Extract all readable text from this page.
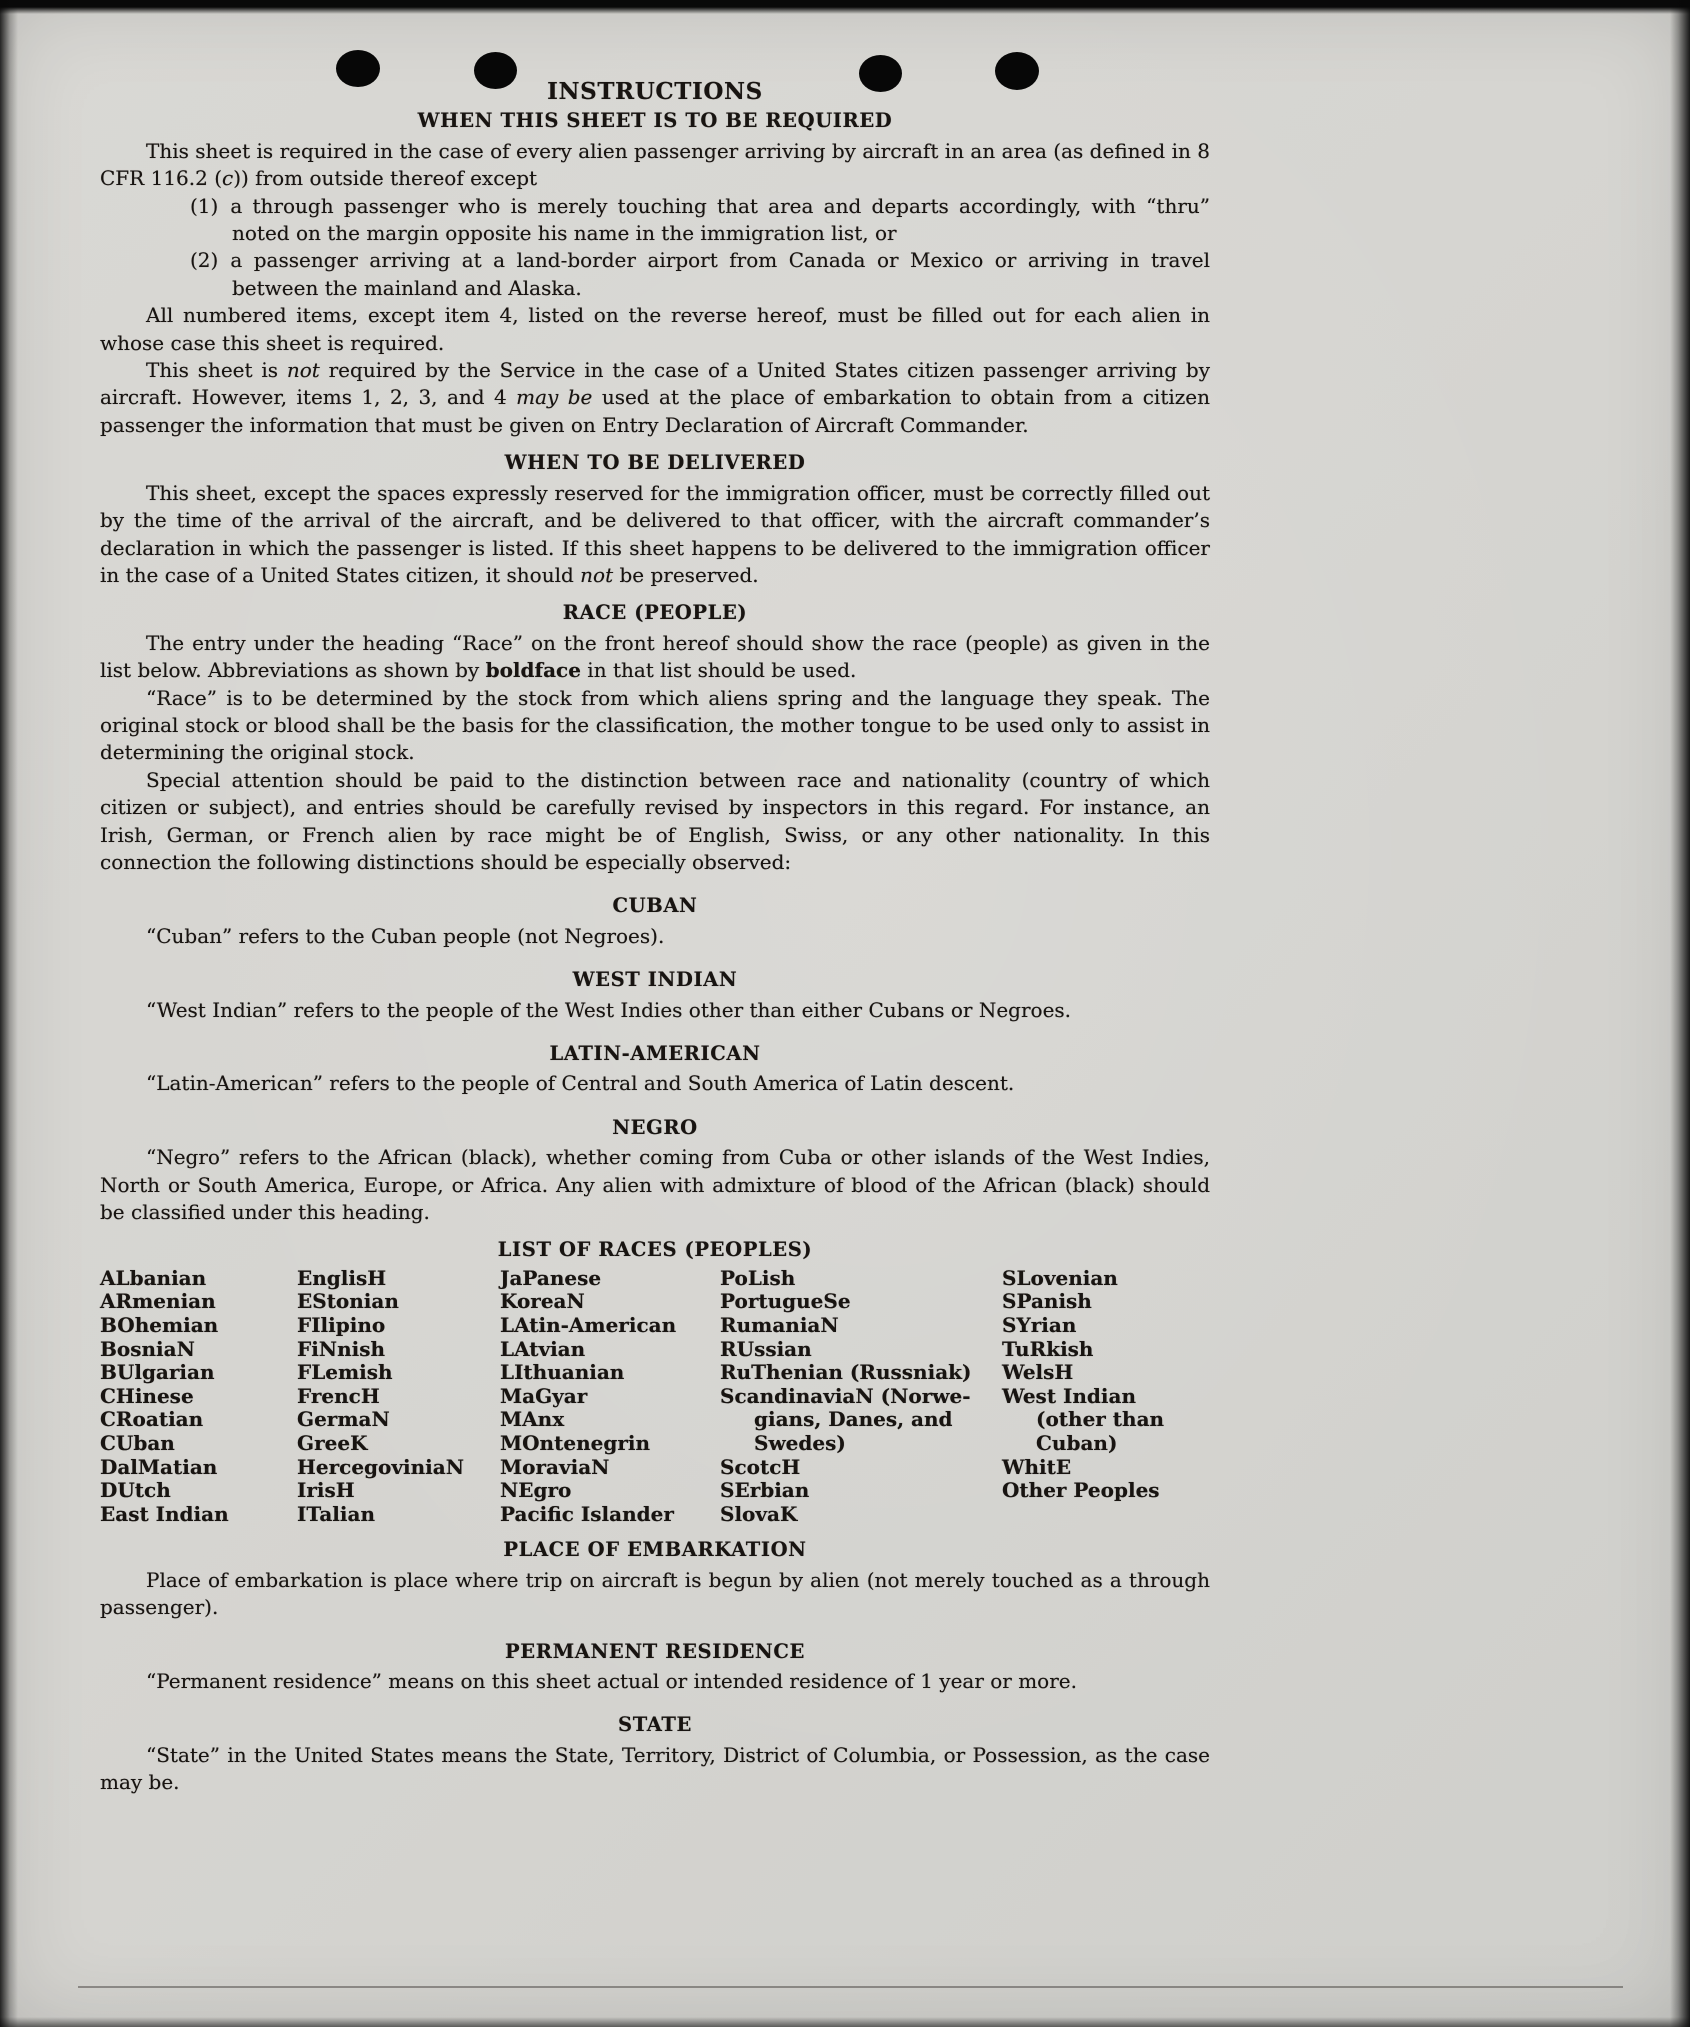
INSTRUCTIONS
WHEN THIS SHEET IS TO BE REQUIRED

This sheet is required in the case of every alien passenger arriving by aircraft in an area (as defined in 8 CFR 116.2 (c)) from outside thereof except

(1) a through passenger who is merely touching that area and departs accordingly, with “thru” noted on the margin opposite his name in the immigration list, or

(2) a passenger arriving at a land-border airport from Canada or Mexico or arriving in travel between the mainland and Alaska.

All numbered items, except item 4, listed on the reverse hereof, must be filled out for each alien in whose case this sheet is required.

This sheet is not required by the Service in the case of a United States citizen passenger arriving by aircraft. However, items 1, 2, 3, and 4 may be used at the place of embarkation to obtain from a citizen passenger the information that must be given on Entry Declaration of Aircraft Commander.

WHEN TO BE DELIVERED

This sheet, except the spaces expressly reserved for the immigration officer, must be correctly filled out by the time of the arrival of the aircraft, and be delivered to that officer, with the aircraft commander’s declaration in which the passenger is listed. If this sheet happens to be delivered to the immigration officer in the case of a United States citizen, it should not be preserved.

RACE (PEOPLE)

The entry under the heading “Race” on the front hereof should show the race (people) as given in the list below. Abbreviations as shown by boldface in that list should be used.

“Race” is to be determined by the stock from which aliens spring and the language they speak. The original stock or blood shall be the basis for the classification, the mother tongue to be used only to assist in determining the original stock.

Special attention should be paid to the distinction between race and nationality (country of which citizen or subject), and entries should be carefully revised by inspectors in this regard. For instance, an Irish, German, or French alien by race might be of English, Swiss, or any other nationality. In this connection the following distinctions should be especially observed:

CUBAN

“Cuban” refers to the Cuban people (not Negroes).

WEST INDIAN

“West Indian” refers to the people of the West Indies other than either Cubans or Negroes.

LATIN-AMERICAN

“Latin-American” refers to the people of Central and South America of Latin descent.

NEGRO

“Negro” refers to the African (black), whether coming from Cuba or other islands of the West Indies, North or South America, Europe, or Africa. Any alien with admixture of blood of the African (black) should be classified under this heading.

LIST OF RACES (PEOPLES)
ALbanian
ARmenian
BOhemian
BosniaN
BUlgarian
CHinese
CRoatian
CUban
DalMatian
DUtch
East Indian
EnglisH
EStonian
FIlipino
FiNnish
FLemish
FrencH
GermaN
GreeK
HercegoviniaN
IrisH
ITalian
JaPanese
KoreaN
LAtin-American
LAtvian
LIthuanian
MaGyar
MAnx
MOntenegrin
MoraviaN
NEgro
Pacific Islander
PoLish
PortugueSe
RumaniaN
RUssian
RuThenian (Russniak)
ScandinaviaN (Norwe-gians, Danes, and Swedes)
ScotcH
SErbian
SlovaK
SLovenian
SPanish
SYrian
TuRkish
WelsH
West Indian (other than Cuban)
WhitE
Other Peoples
PLACE OF EMBARKATION

Place of embarkation is place where trip on aircraft is begun by alien (not merely touched as a through passenger).

PERMANENT RESIDENCE

“Permanent residence” means on this sheet actual or intended residence of 1 year or more.

STATE

“State” in the United States means the State, Territory, District of Columbia, or Possession, as the case may be.
